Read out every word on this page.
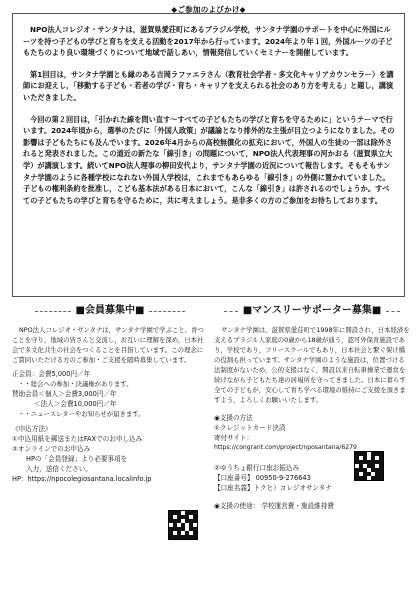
◆ご参加のよびかけ◆

NPO法人コレジオ・サンタナは，滋賀県愛荘町にあるブラジル学校，サンタナ学園のサポートを中心に外国にルーツを持つ子どもの学びと育ちを支える活動を2017年から行っています。2024年より年１回，外国ルーツの子どもたちのより良い環境づくりについて地域で話しあい，情報発信していくセミナーを開催しています。

第1回目は，サンタナ学園とも縁のある吉岡ラファエラさん（教育社会学者・多文化キャリアカウンセラー）を講師にお迎えし，「移動する子ども・若者の学び・育ち・キャリアを支えられる社会のあり方を考える」と題し，講演いただきました。

今回の第２回目は，「引かれた線を問い直す〜すべての子どもたちの学びと育ちを守るために」というテーマで行います。2024年頃から，選挙のたびに「外国人政策」が議論となり排外的な主張が目立つようになりました。その影響は子どもたちにも及んでいます。2026年4月からの高校無償化の拡充において，外国人の生徒の一部は除外されると発表されました。この道近の新たな「線引き」の問題について，NPO法人代表理事の河かおる（滋賀県立大学）が講演します。続いてNPO法人理事の柳田安代より，サンタナ学園の近況について報告します。そもそもサンタナ学園のように各種学校になれない外国人学校は，これまでもあらゆる「線引き」の外側に置かれていました。子どもの権利条約を批准し，こども基本法がある日本において，こんな「線引き」は許されるのでしょうか。すべての子どもたちの学びと育ちを守るために，共に考えましょう。是非多くの方のご参加をお待ちしております。

■会員募集中■

NPO法人コレジオ・サンタナは，サンタナ学園で学ぶこと，育つことを守り，地域の皆さんと交流し，お互いに理解を深め，日本社会で多文化共生の社会をつくることを目指しています。この理念にご賛同いただける方のご参加・ご支援を随時募集しています。

正会員：会費5,000円／年
・・総会への参加・決議権があります。
賛助会員＜個人＞会費3,000円／年
＜法人＞会費10,000円／年
・・ニュースレターやお知らせが届きます。
《申込方法》
①申込用紙を郵送またはFAXでのお申し込み
②オンラインでのお申込み
HPの「会員登録」より必要事項を
入力，送信ください。
HP：https://npocolegiosantana.localinfo.jp
■マンスリーサポーター募集■

サンタナ学園は，滋賀県愛荘町で1998年に開設され，日本経済を支えるブラジル人家庭の0歳から18歳が通う，認可外保育施設であり，学校であり，フリースクールでもあり，日本社会と繋ぐ架け橋の役割も担っています。サンタナ学園のような施設は，位置づける法制度がないため，公的支援はなく，開設以来自転車操業で運営を続けながら子どもたち達の居場所を守ってきました。日本に暮らす全ての子どもが，安心して育ち学べる環境の維持にご支援を頂きますよう，よろしくお願いいたします。

◉支援の方法
①クレジットカード決済
寄付サイト：
https://congrant.com/project/nposantana/6279
②ゆうちょ銀行口座お振込み
【口座番号】 00950-9-276643
【口座名義】トクヒ）コレジオサンタナ
◉支援の使途： 学校運営費・施設維持費
